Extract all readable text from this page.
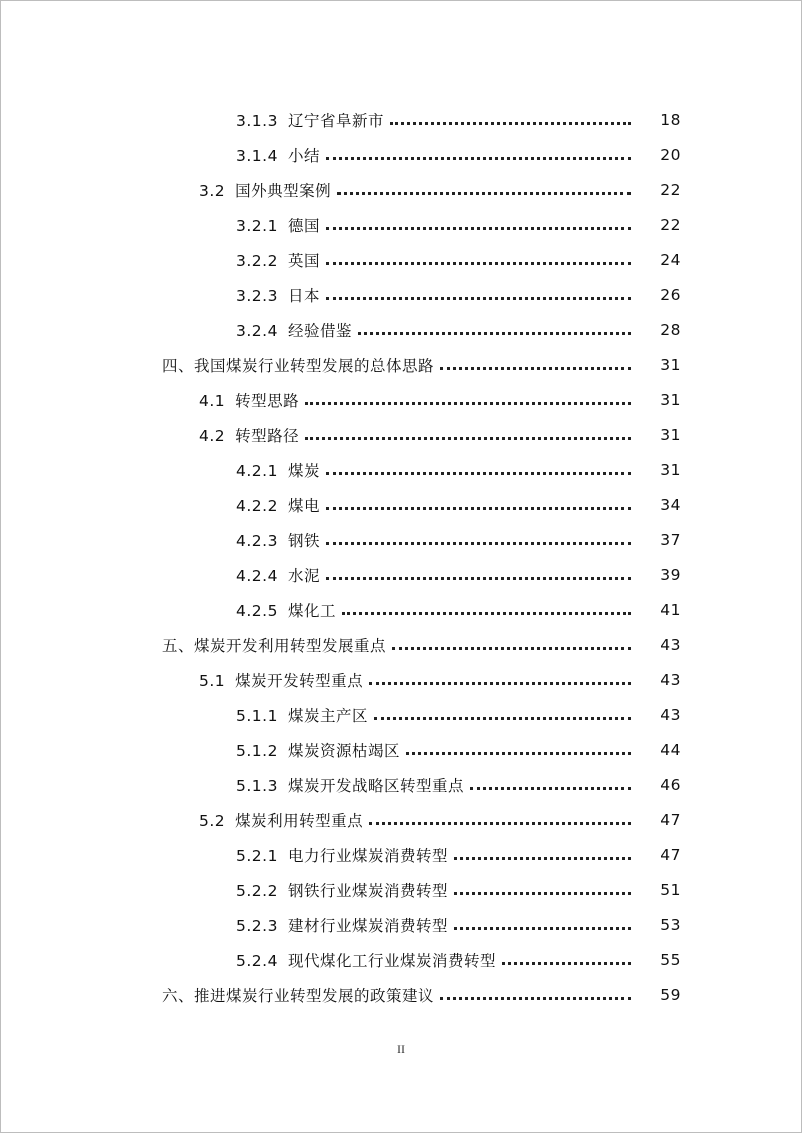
3.1.3 辽宁省阜新市	18
3.1.4 小结	20
3.2 国外典型案例	22
3.2.1 德国	22
3.2.2 英国	24
3.2.3 日本	26
3.2.4 经验借鉴	28
四、我国煤炭行业转型发展的总体思路	31
4.1 转型思路	31
4.2 转型路径	31
4.2.1 煤炭	31
4.2.2 煤电	34
4.2.3 钢铁	37
4.2.4 水泥	39
4.2.5 煤化工	41
五、煤炭开发利用转型发展重点	43
5.1 煤炭开发转型重点	43
5.1.1 煤炭主产区	43
5.1.2 煤炭资源枯竭区	44
5.1.3 煤炭开发战略区转型重点	46
5.2 煤炭利用转型重点	47
5.2.1 电力行业煤炭消费转型	47
5.2.2 钢铁行业煤炭消费转型	51
5.2.3 建材行业煤炭消费转型	53
5.2.4 现代煤化工行业煤炭消费转型	55
六、推进煤炭行业转型发展的政策建议	59
II
